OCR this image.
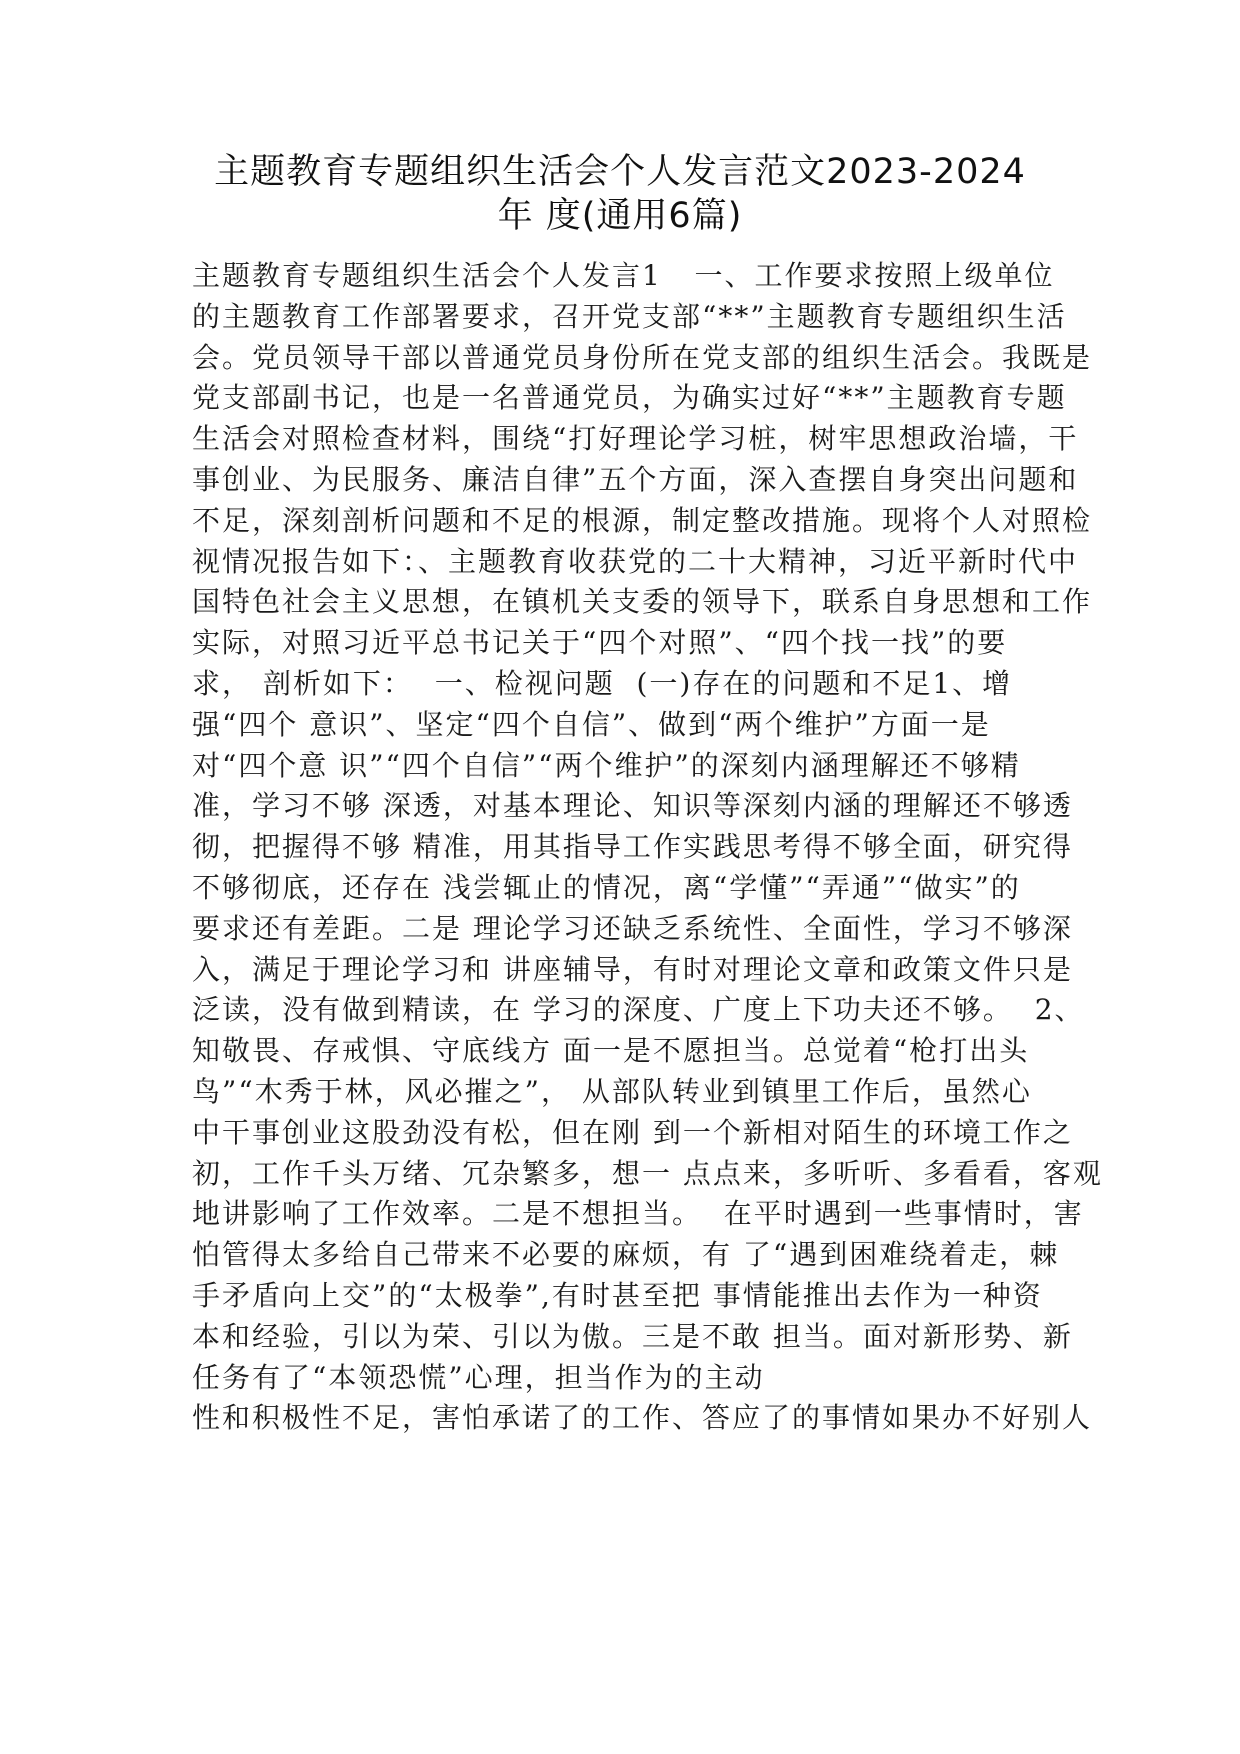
主题教育专题组织生活会个人发言范文2023-2024
年 度(通用6篇)
主题教育专题组织生活会个人发言1   一、工作要求按照上级单位
的主题教育工作部署要求，召开党支部“**”主题教育专题组织生活
会。党员领导干部以普通党员身份所在党支部的组织生活会。我既是
党支部副书记，也是一名普通党员，为确实过好“**”主题教育专题
生活会对照检查材料，围绕“打好理论学习桩，树牢思想政治墙，干
事创业、为民服务、廉洁自律”五个方面，深入查摆自身突出问题和
不足，深刻剖析问题和不足的根源，制定整改措施。现将个人对照检
视情况报告如下：、主题教育收获党的二十大精神，习近平新时代中
国特色社会主义思想，在镇机关支委的领导下，联系自身思想和工作
实际，对照习近平总书记关于“四个对照”、“四个找一找”的要
求， 剖析如下：  一、检视问题  (一)存在的问题和不足1、增
强“四个 意识”、坚定“四个自信”、做到“两个维护”方面一是
对“四个意 识”“四个自信”“两个维护”的深刻内涵理解还不够精
准，学习不够 深透，对基本理论、知识等深刻内涵的理解还不够透
彻，把握得不够 精准，用其指导工作实践思考得不够全面，研究得
不够彻底，还存在 浅尝辄止的情况，离“学懂”“弄通”“做实”的
要求还有差距。二是 理论学习还缺乏系统性、全面性，学习不够深
入，满足于理论学习和 讲座辅导，有时对理论文章和政策文件只是
泛读，没有做到精读，在 学习的深度、广度上下功夫还不够。  2、
知敬畏、存戒惧、守底线方 面一是不愿担当。总觉着“枪打出头
鸟”“木秀于林，风必摧之”， 从部队转业到镇里工作后，虽然心
中干事创业这股劲没有松，但在刚 到一个新相对陌生的环境工作之
初，工作千头万绪、冗杂繁多，想一 点点来，多听听、多看看，客观
地讲影响了工作效率。二是不想担当。  在平时遇到一些事情时，害
怕管得太多给自己带来不必要的麻烦，有 了“遇到困难绕着走，棘
手矛盾向上交”的“太极拳”,有时甚至把 事情能推出去作为一种资
本和经验，引以为荣、引以为傲。三是不敢 担当。面对新形势、新
任务有了“本领恐慌”心理，担当作为的主动
性和积极性不足，害怕承诺了的工作、答应了的事情如果办不好别人
